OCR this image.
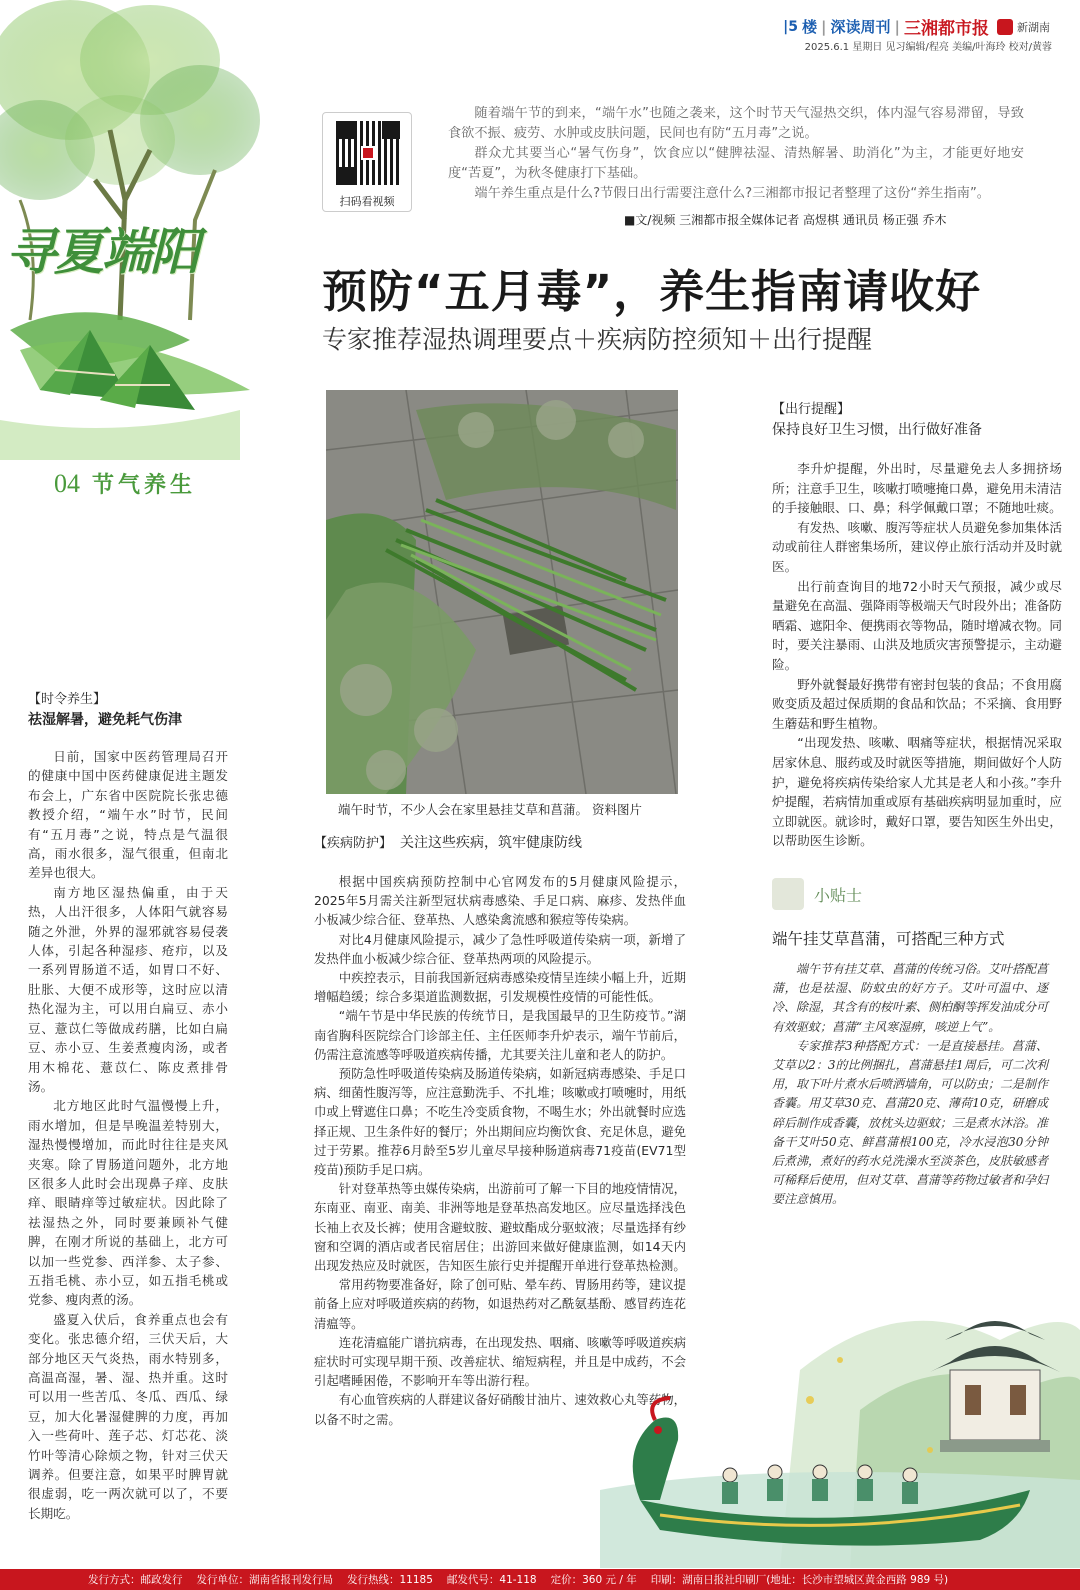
寻夏端阳
04 节气养生
|5 楼 | 深读周刊 | 三湘都市报	新湖南
2025.6.1 星期日 见习编辑/程亮 美编/叶海玲 校对/黄蓉
扫码看视频

随着端午节的到来，“端午水”也随之袭来，这个时节天气湿热交织，体内湿气容易滞留，导致食欲不振、疲劳、水肿或皮肤问题，民间也有防“五月毒”之说。

群众尤其要当心“暑气伤身”，饮食应以“健脾祛湿、清热解暑、助消化”为主，才能更好地安度“苦夏”，为秋冬健康打下基础。

端午养生重点是什么?节假日出行需要注意什么?三湘都市报记者整理了这份“养生指南”。

■文/视频 三湘都市报全媒体记者 高煜棋 通讯员 杨正强 乔木
预防“五月毒”，养生指南请收好
专家推荐湿热调理要点＋疾病防控须知＋出行提醒
端午时节，不少人会在家里悬挂艾草和菖蒲。 资料图片
【时令养生】
祛湿解暑，避免耗气伤津

日前，国家中医药管理局召开的健康中国中医药健康促进主题发布会上，广东省中医院院长张忠德教授介绍，“端午水”时节，民间有“五月毒”之说，特点是气温很高，雨水很多，湿气很重，但南北差异也很大。

南方地区湿热偏重，由于天热，人出汗很多，人体阳气就容易随之外泄，外界的湿邪就容易侵袭人体，引起各种湿疹、疮疖，以及一系列胃肠道不适，如胃口不好、肚胀、大便不成形等，这时应以清热化湿为主，可以用白扁豆、赤小豆、薏苡仁等做成药膳，比如白扁豆、赤小豆、生姜煮瘦肉汤，或者用木棉花、薏苡仁、陈皮煮排骨汤。

北方地区此时气温慢慢上升，雨水增加，但是旱晚温差特别大，湿热慢慢增加，而此时往往是夹风夹寒。除了胃肠道问题外，北方地区很多人此时会出现鼻子痒、皮肤痒、眼睛痒等过敏症状。因此除了祛湿热之外，同时要兼顾补气健脾，在刚才所说的基础上，北方可以加一些党参、西洋参、太子参、五指毛桃、赤小豆，如五指毛桃或党参、瘦肉煮的汤。

盛夏入伏后，食养重点也会有变化。张忠德介绍，三伏天后，大部分地区天气炎热，雨水特别多，高温高湿，暑、湿、热并重。这时可以用一些苦瓜、冬瓜、西瓜、绿豆，加大化暑湿健脾的力度，再加入一些荷叶、莲子芯、灯芯花、淡竹叶等清心除烦之物，针对三伏天调养。但要注意，如果平时脾胃就很虚弱，吃一两次就可以了，不要长期吃。

【疾病防护】 关注这些疾病，筑牢健康防线

根据中国疾病预防控制中心官网发布的5月健康风险提示，2025年5月需关注新型冠状病毒感染、手足口病、麻疹、发热伴血小板减少综合征、登革热、人感染禽流感和猴痘等传染病。

对比4月健康风险提示，减少了急性呼吸道传染病一项，新增了发热伴血小板减少综合征、登革热两项的风险提示。

中疾控表示，目前我国新冠病毒感染疫情呈连续小幅上升，近期增幅趋缓；综合多渠道监测数据，引发规模性疫情的可能性低。

“端午节是中华民族的传统节日，是我国最早的卫生防疫节。”湖南省胸科医院综合门诊部主任、主任医师李升炉表示，端午节前后，仍需注意流感等呼吸道疾病传播，尤其要关注儿童和老人的防护。

预防急性呼吸道传染病及肠道传染病，如新冠病毒感染、手足口病、细菌性腹泻等，应注意勤洗手、不扎堆；咳嗽或打喷嚏时，用纸巾或上臂遮住口鼻；不吃生冷变质食物，不喝生水；外出就餐时应选择正规、卫生条件好的餐厅；外出期间应均衡饮食、充足休息，避免过于劳累。推荐6月龄至5岁儿童尽早接种肠道病毒71疫苗(EV71型疫苗)预防手足口病。

针对登革热等虫媒传染病，出游前可了解一下目的地疫情情况，东南亚、南亚、南美、非洲等地是登革热高发地区。应尽量选择浅色长袖上衣及长裤；使用含避蚊胺、避蚊酯成分驱蚊液；尽量选择有纱窗和空调的酒店或者民宿居住；出游回来做好健康监测，如14天内出现发热应及时就医，告知医生旅行史并提醒开单进行登革热检测。

常用药物要准备好，除了创可贴、晕车药、胃肠用药等，建议提前备上应对呼吸道疾病的药物，如退热药对乙酰氨基酚、感冒药连花清瘟等。

连花清瘟能广谱抗病毒，在出现发热、咽痛、咳嗽等呼吸道疾病症状时可实现早期干预、改善症状、缩短病程，并且是中成药，不会引起嗜睡困倦，不影响开车等出游行程。

有心血管疾病的人群建议备好硝酸甘油片、速效救心丸等药物，以备不时之需。

【出行提醒】
保持良好卫生习惯，出行做好准备

李升炉提醒，外出时，尽量避免去人多拥挤场所；注意手卫生，咳嗽打喷嚏掩口鼻，避免用未清洁的手接触眼、口、鼻；科学佩戴口罩；不随地吐痰。

有发热、咳嗽、腹泻等症状人员避免参加集体活动或前往人群密集场所，建议停止旅行活动并及时就医。

出行前查询目的地72小时天气预报，减少或尽量避免在高温、强降雨等极端天气时段外出；准备防晒霜、遮阳伞、便携雨衣等物品，随时增减衣物。同时，要关注暴雨、山洪及地质灾害预警提示，主动避险。

野外就餐最好携带有密封包装的食品；不食用腐败变质及超过保质期的食品和饮品；不采摘、食用野生蘑菇和野生植物。

“出现发热、咳嗽、咽痛等症状，根据情况采取居家休息、服药或及时就医等措施，期间做好个人防护，避免将疾病传染给家人尤其是老人和小孩。”李升炉提醒，若病情加重或原有基础疾病明显加重时，应立即就医。就诊时，戴好口罩，要告知医生外出史，以帮助医生诊断。

小贴士
端午挂艾草菖蒲，可搭配三种方式

端午节有挂艾草、菖蒲的传统习俗。艾叶搭配菖蒲，也是祛湿、防蚊虫的好方子。艾叶可温中、逐冷、除湿，其含有的桉叶素、侧柏酮等挥发油成分可有效驱蚊；菖蒲“主风寒湿痹，咳逆上气”。

专家推荐3种搭配方式：一是直接悬挂。菖蒲、艾草以2：3的比例捆扎，菖蒲悬挂1周后，可二次利用，取下叶片煮水后喷洒墙角，可以防虫；二是制作香囊。用艾草30克、菖蒲20克、薄荷10克，研磨成碎后制作成香囊，放枕头边驱蚊；三是煮水沐浴。准备干艾叶50克、鲜菖蒲根100克，冷水浸泡30分钟后煮沸，煮好的药水兑洗澡水至淡茶色，皮肤敏感者可稀释后使用，但对艾草、菖蒲等药物过敏者和孕妇要注意慎用。

发行方式：邮政发行 发行单位：湖南省报刊发行局 发行热线：11185 邮发代号：41-118 定价：360 元 / 年 印刷：湖南日报社印刷厂(地址：长沙市望城区黄金西路 989 号)
